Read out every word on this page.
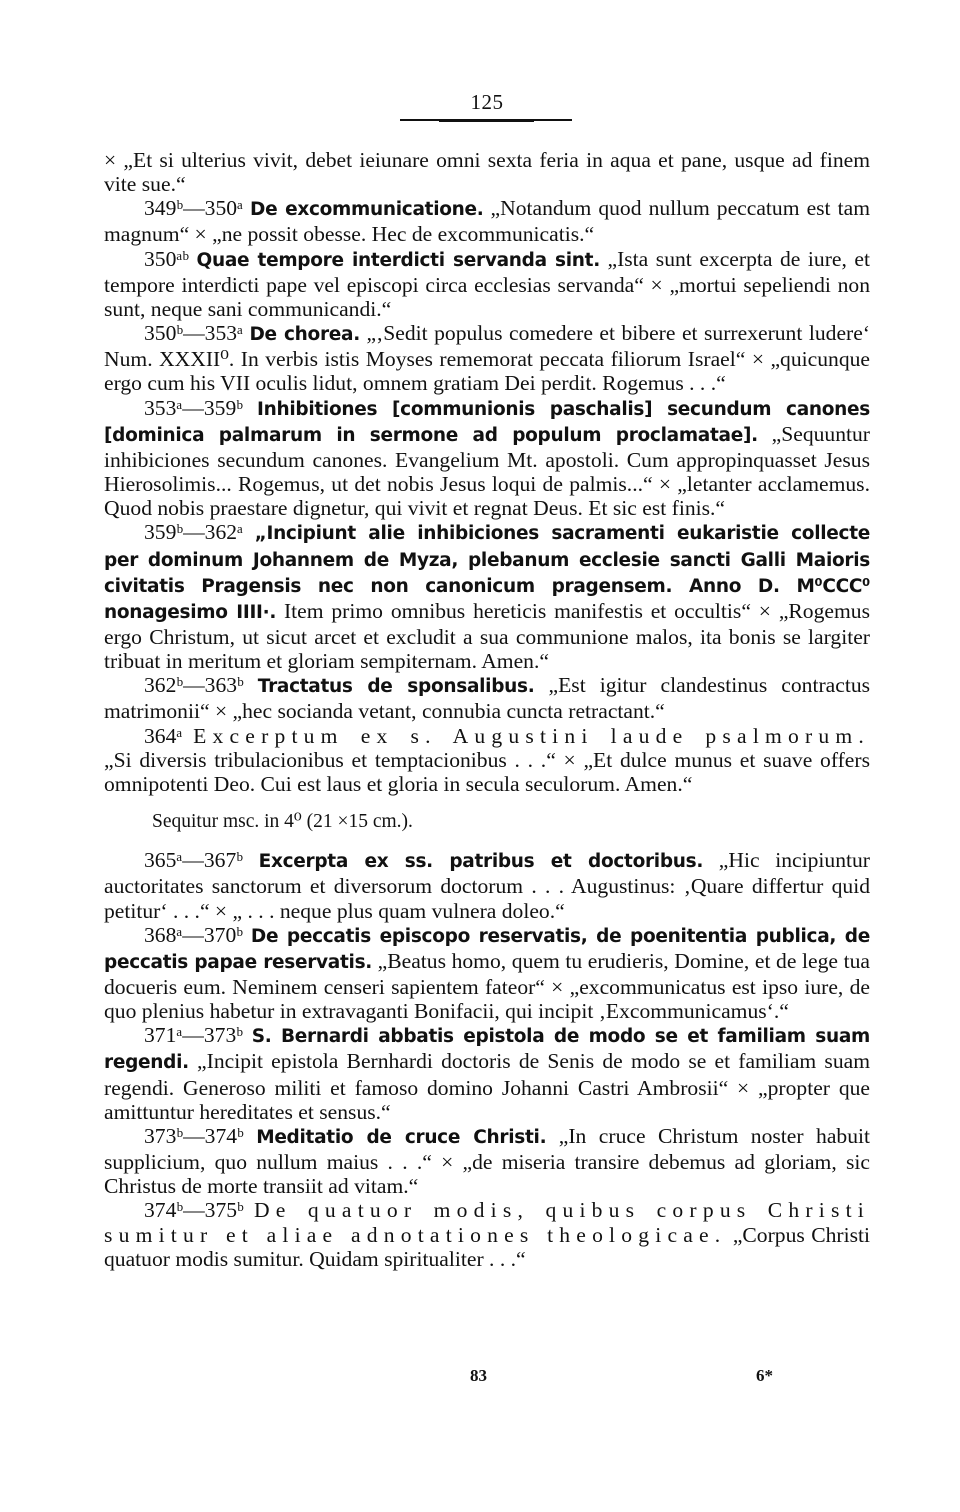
125

× „Et si ulterius vivit, debet ieiunare omni sexta feria in aqua et pane, usque ad finem vite sue.“

349ᵇ—350ᵃ De excommunicatione. „Notandum quod nullum peccatum est tam magnum“ × „ne possit obesse. Hec de excommunicatis.“

350ᵃᵇ Quae tempore interdicti servanda sint. „Ista sunt excerpta de iure, et tempore interdicti pape vel episcopi circa ecclesias servanda“ × „mortui sepeliendi non sunt, neque sani communicandi.“

350ᵇ—353ᵃ De chorea. „‚Sedit populus comedere et bibere et surrexerunt ludere‘ Num. XXXII⁰. In verbis istis Moyses rememorat peccata filiorum Israel“ × „quicunque ergo cum his VII oculis lidut, omnem gratiam Dei perdit. Rogemus . . .“

353ᵃ—359ᵇ Inhibitiones [communionis paschalis] secundum canones [dominica palmarum in sermone ad populum proclamatae]. „Sequuntur inhibiciones secundum canones. Evangelium Mt. apostoli. Cum appropinquasset Jesus Hierosolimis... Rogemus, ut det nobis Jesus loqui de palmis...“ × „letanter acclamemus. Quod nobis praestare dignetur, qui vivit et regnat Deus. Et sic est finis.“

359ᵇ—362ᵃ „Incipiunt alie inhibiciones sacramenti eukaristie collecte per dominum Johannem de Myza, plebanum ecclesie sancti Galli Maioris civitatis Pragensis nec non canonicum pragensem. Anno D. M⁰CCC⁰ nonagesimo IIII·. Item primo omnibus hereticis manifestis et occultis“ × „Rogemus ergo Christum, ut sicut arcet et excludit a sua communione malos, ita bonis se largiter tribuat in meritum et gloriam sempiternam. Amen.“

362ᵇ—363ᵇ Tractatus de sponsalibus. „Est igitur clandestinus contractus matrimonii“ × „hec socianda vetant, connubia cuncta retractant.“

364ᵃ Excerptum ex s. Augustini laude psalmorum. „Si diversis tribulacionibus et temptacionibus . . .“ × „Et dulce munus et suave offers omnipotenti Deo. Cui est laus et gloria in secula seculorum. Amen.“

Sequitur msc. in 4⁰ (21 ×15 cm.).

365ᵃ—367ᵇ Excerpta ex ss. patribus et doctoribus. „Hic incipiuntur auctoritates sanctorum et diversorum doctorum . . . Augustinus: ‚Quare differtur quid petitur‘ . . .“ × „ . . . neque plus quam vulnera doleo.“

368ᵃ—370ᵇ De peccatis episcopo reservatis, de poenitentia publica, de peccatis papae reservatis. „Beatus homo, quem tu erudieris, Domine, et de lege tua docueris eum. Neminem censeri sapientem fateor“ × „excommunicatus est ipso iure, de quo plenius habetur in extravaganti Bonifacii, qui incipit ‚Excommunicamus‘.“

371ᵃ—373ᵇ S. Bernardi abbatis epistola de modo se et familiam suam regendi. „Incipit epistola Bernhardi doctoris de Senis de modo se et familiam suam regendi. Generoso militi et famoso domino Johanni Castri Ambrosii“ × „propter que amittuntur hereditates et sensus.“

373ᵇ—374ᵇ Meditatio de cruce Christi. „In cruce Christum noster habuit supplicium, quo nullum maius . . .“ × „de miseria transire debemus ad gloriam, sic Christus de morte transiit ad vitam.“

374ᵇ—375ᵇ De quatuor modis, quibus corpus Christi sumitur et aliae adnotationes theologicae. „Corpus Christi quatuor modis sumitur. Quidam spiritualiter . . .“

83	6*
